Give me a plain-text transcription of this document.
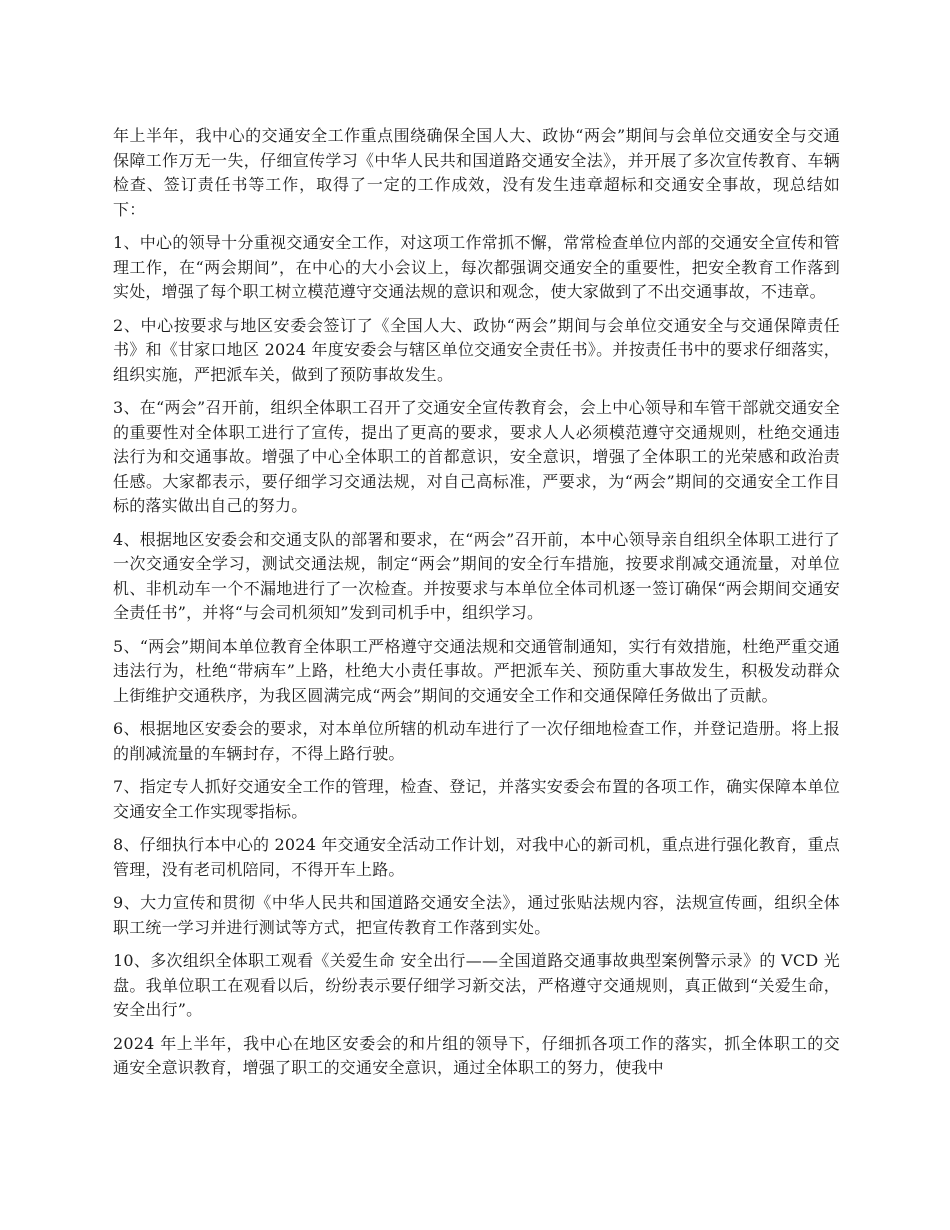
年上半年，我中心的交通安全工作重点围绕确保全国人大、政协“两会”期间与会单位交通安全与交通保障工作万无一失，仔细宣传学习《中华人民共和国道路交通安全法》，并开展了多次宣传教育、车辆检查、签订责任书等工作，取得了一定的工作成效，没有发生违章超标和交通安全事故，现总结如下：

1、中心的领导十分重视交通安全工作，对这项工作常抓不懈，常常检查单位内部的交通安全宣传和管理工作，在“两会期间”，在中心的大小会议上，每次都强调交通安全的重要性，把安全教育工作落到实处，增强了每个职工树立模范遵守交通法规的意识和观念，使大家做到了不出交通事故，不违章。

2、中心按要求与地区安委会签订了《全国人大、政协“两会”期间与会单位交通安全与交通保障责任书》和《甘家口地区 2024 年度安委会与辖区单位交通安全责任书》。并按责任书中的要求仔细落实，组织实施，严把派车关，做到了预防事故发生。

3、在“两会”召开前，组织全体职工召开了交通安全宣传教育会，会上中心领导和车管干部就交通安全的重要性对全体职工进行了宣传，提出了更高的要求，要求人人必须模范遵守交通规则，杜绝交通违法行为和交通事故。增强了中心全体职工的首都意识，安全意识，增强了全体职工的光荣感和政治责任感。大家都表示，要仔细学习交通法规，对自己高标准，严要求，为“两会”期间的交通安全工作目标的落实做出自己的努力。

4、根据地区安委会和交通支队的部署和要求，在“两会”召开前，本中心领导亲自组织全体职工进行了一次交通安全学习，测试交通法规，制定“两会”期间的安全行车措施，按要求削减交通流量，对单位机、非机动车一个不漏地进行了一次检查。并按要求与本单位全体司机逐一签订确保“两会期间交通安全责任书”，并将“与会司机须知”发到司机手中，组织学习。

5、“两会”期间本单位教育全体职工严格遵守交通法规和交通管制通知，实行有效措施，杜绝严重交通违法行为，杜绝“带病车”上路，杜绝大小责任事故。严把派车关、预防重大事故发生，积极发动群众上街维护交通秩序，为我区圆满完成“两会”期间的交通安全工作和交通保障任务做出了贡献。

6、根据地区安委会的要求，对本单位所辖的机动车进行了一次仔细地检查工作，并登记造册。将上报的削减流量的车辆封存，不得上路行驶。

7、指定专人抓好交通安全工作的管理，检查、登记，并落实安委会布置的各项工作，确实保障本单位交通安全工作实现零指标。

8、仔细执行本中心的 2024 年交通安全活动工作计划，对我中心的新司机，重点进行强化教育，重点管理，没有老司机陪同，不得开车上路。

9、大力宣传和贯彻《中华人民共和国道路交通安全法》，通过张贴法规内容，法规宣传画，组织全体职工统一学习并进行测试等方式，把宣传教育工作落到实处。

10、多次组织全体职工观看《关爱生命 安全出行——全国道路交通事故典型案例警示录》的 VCD 光盘。我单位职工在观看以后，纷纷表示要仔细学习新交法，严格遵守交通规则，真正做到“关爱生命，安全出行”。

2024 年上半年，我中心在地区安委会的和片组的领导下，仔细抓各项工作的落实，抓全体职工的交通安全意识教育，增强了职工的交通安全意识，通过全体职工的努力，使我中
